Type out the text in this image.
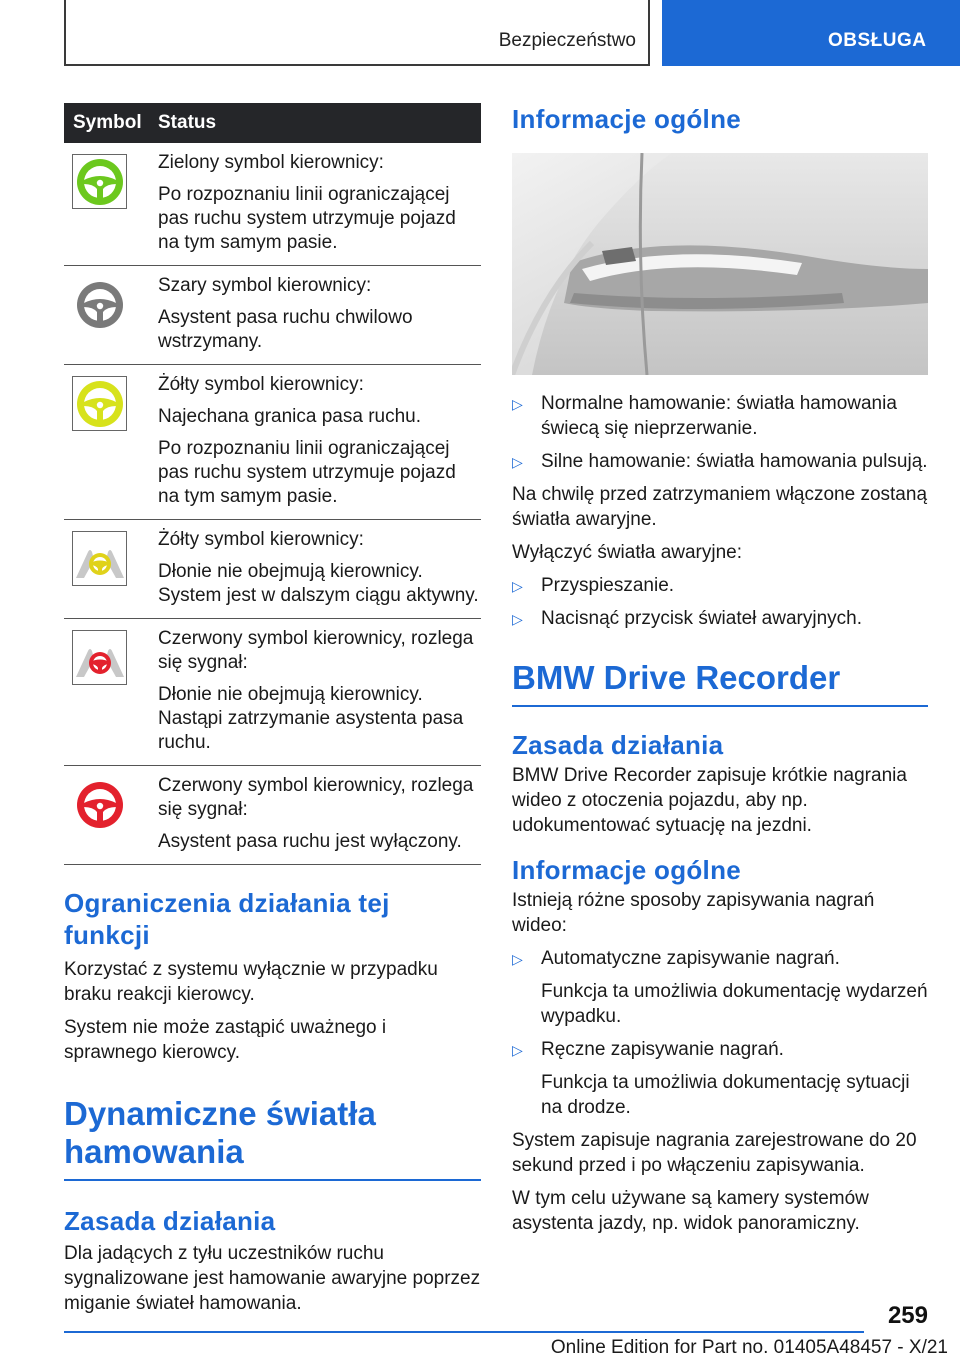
Bezpieczeństwo	OBSŁUGA
Symbol Status

Zielony symbol kierownicy:

Po rozpoznaniu linii ograniczającej pas ruchu system utrzymuje pojazd na tym samym pasie.

Szary symbol kierownicy:

Asystent pasa ruchu chwilowo wstrzymany.

Żółty symbol kierownicy:

Najechana granica pasa ruchu.

Po rozpoznaniu linii ograniczającej pas ruchu system utrzymuje pojazd na tym samym pasie.

Żółty symbol kierownicy:

Dłonie nie obejmują kierownicy. System jest w dalszym ciągu aktywny.

Czerwony symbol kierownicy, rozlega się sygnał:

Dłonie nie obejmują kierownicy. Nastąpi zatrzymanie asystenta pasa ruchu.

Czerwony symbol kierownicy, rozlega się sygnał:

Asystent pasa ruchu jest wyłączony.

Ograniczenia działania tej funkcji

Korzystać z systemu wyłącznie w przypadku braku reakcji kierowcy.

System nie może zastąpić uważnego i sprawnego kierowcy.

Dynamiczne światła hamowania
Zasada działania

Dla jadących z tyłu uczestników ruchu sygnalizowane jest hamowanie awaryjne poprzez miganie świateł hamowania.

Informacje ogólne
▷ Normalne hamowanie: światła hamowania świecą się nieprzerwanie.
▷ Silne hamowanie: światła hamowania pulsują.

Na chwilę przed zatrzymaniem włączone zostaną światła awaryjne.

Wyłączyć światła awaryjne:

▷ Przyspieszanie.
▷ Nacisnąć przycisk świateł awaryjnych.
BMW Drive Recorder
Zasada działania

BMW Drive Recorder zapisuje krótkie nagrania wideo z otoczenia pojazdu, aby np. udokumentować sytuację na jezdni.

Informacje ogólne

Istnieją różne sposoby zapisywania nagrań wideo:

▷ Automatyczne zapisywanie nagrań.
Funkcja ta umożliwia dokumentację wydarzeń wypadku.
▷ Ręczne zapisywanie nagrań.
Funkcja ta umożliwia dokumentację sytuacji na drodze.

System zapisuje nagrania zarejestrowane do 20 sekund przed i po włączeniu zapisywania.

W tym celu używane są kamery systemów asystenta jazdy, np. widok panoramiczny.

259
Online Edition for Part no. 01405A48457 - X/21
